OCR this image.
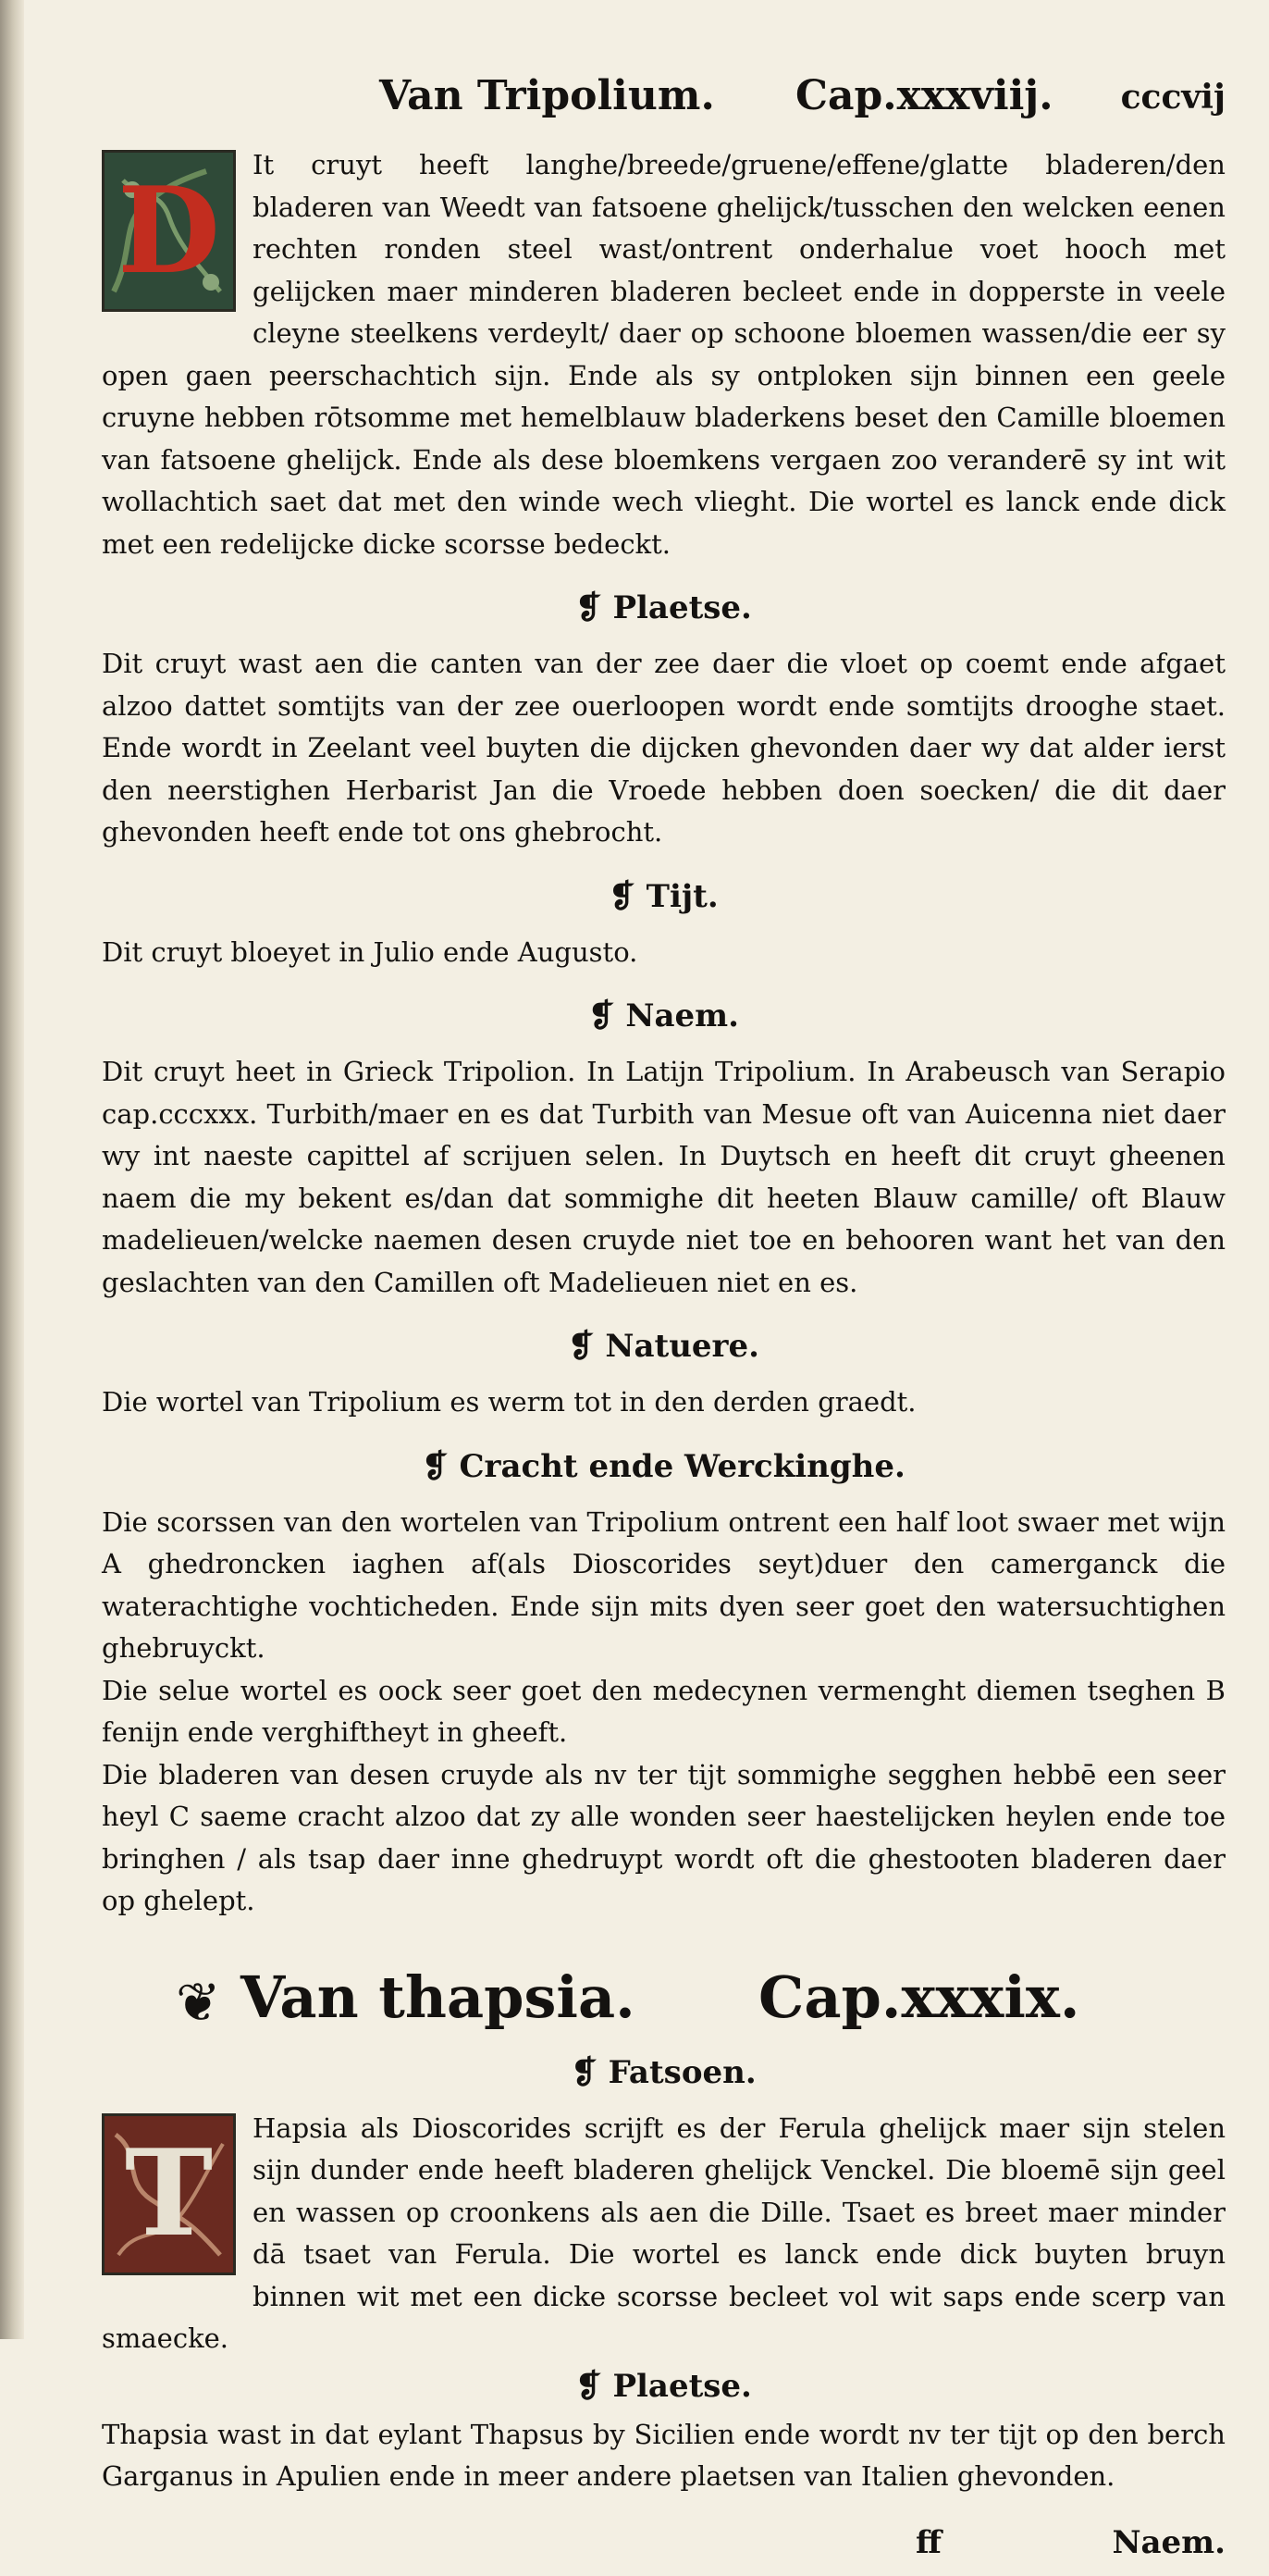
Van Tripolium. Cap.xxxviij. cccvij
D	It cruyt heeft langhe/breede/gruene/effene/glatte bladeren/den bladeren van Weedt van fatsoene ghelijck/tusschen den welcken eenen rechten ronden steel wast/ontrent onderhalue voet hooch met gelijcken maer minderen bladeren becleet ende in dopperste in veele cleyne steelkens verdeylt/ daer op schoone bloemen wassen/die eer sy open gaen peerschachtich sijn. Ende als sy ontploken sijn binnen een geele cruyne hebben rōtsomme met hemelblauw bladerkens beset den Camille bloemen van fatsoene ghelijck. Ende als dese bloemkens vergaen zoo veranderē sy int wit wollachtich saet dat met den winde wech vlieght. Die wortel es lanck ende dick met een redelijcke dicke scorsse bedeckt.

❡ Plaetse.

Dit cruyt wast aen die canten van der zee daer die vloet op coemt ende afgaet alzoo dattet somtijts van der zee ouerloopen wordt ende somtijts drooghe staet. Ende wordt in Zeelant veel buyten die dijcken ghevonden daer wy dat alder ierst den neerstighen Herbarist Jan die Vroede hebben doen soecken/ die dit daer ghevonden heeft ende tot ons ghebrocht.

❡ Tijt.

Dit cruyt bloeyet in Julio ende Augusto.

❡ Naem.

Dit cruyt heet in Grieck Tripolion. In Latijn Tripolium. In Arabeusch van Serapio cap.cccxxx. Turbith/maer en es dat Turbith van Mesue oft van Auicenna niet daer wy int naeste capittel af scrijuen selen. In Duytsch en heeft dit cruyt gheenen naem die my bekent es/dan dat sommighe dit heeten Blauw camille/ oft Blauw madelieuen/welcke naemen desen cruyde niet toe en behooren want het van den geslachten van den Camillen oft Madelieuen niet en es.

❡ Natuere.

Die wortel van Tripolium es werm tot in den derden graedt.

❡ Cracht ende Werckinghe.

Die scorssen van den wortelen van Tripolium ontrent een half loot swaer met wijn A ghedroncken iaghen af(als Dioscorides seyt)duer den camerganck die waterachtighe vochticheden. Ende sijn mits dyen seer goet den watersuchtighen ghebruyckt.

Die selue wortel es oock seer goet den medecynen vermenght diemen tseghen B fenijn ende verghiftheyt in gheeft.

Die bladeren van desen cruyde als nv ter tijt sommighe segghen hebbē een seer heyl C saeme cracht alzoo dat zy alle wonden seer haestelijcken heylen ende toe bringhen / als tsap daer inne ghedruypt wordt oft die ghestooten bladeren daer op ghelept.

❦ Van thapsia. Cap.xxxix.
❡ Fatsoen.
T	Hapsia als Dioscorides scrijft es der Ferula ghelijck maer sijn stelen sijn dunder ende heeft bladeren ghelijck Venckel. Die bloemē sijn geel en wassen op croonkens als aen die Dille. Tsaet es breet maer minder dā tsaet van Ferula. Die wortel es lanck ende dick buyten bruyn binnen wit met een dicke scorsse becleet vol wit saps ende scerp van smaecke.

❡ Plaetse.

Thapsia wast in dat eylant Thapsus by Sicilien ende wordt nv ter tijt op den berch Garganus in Apulien ende in meer andere plaetsen van Italien ghevonden.

ff	Naem.
